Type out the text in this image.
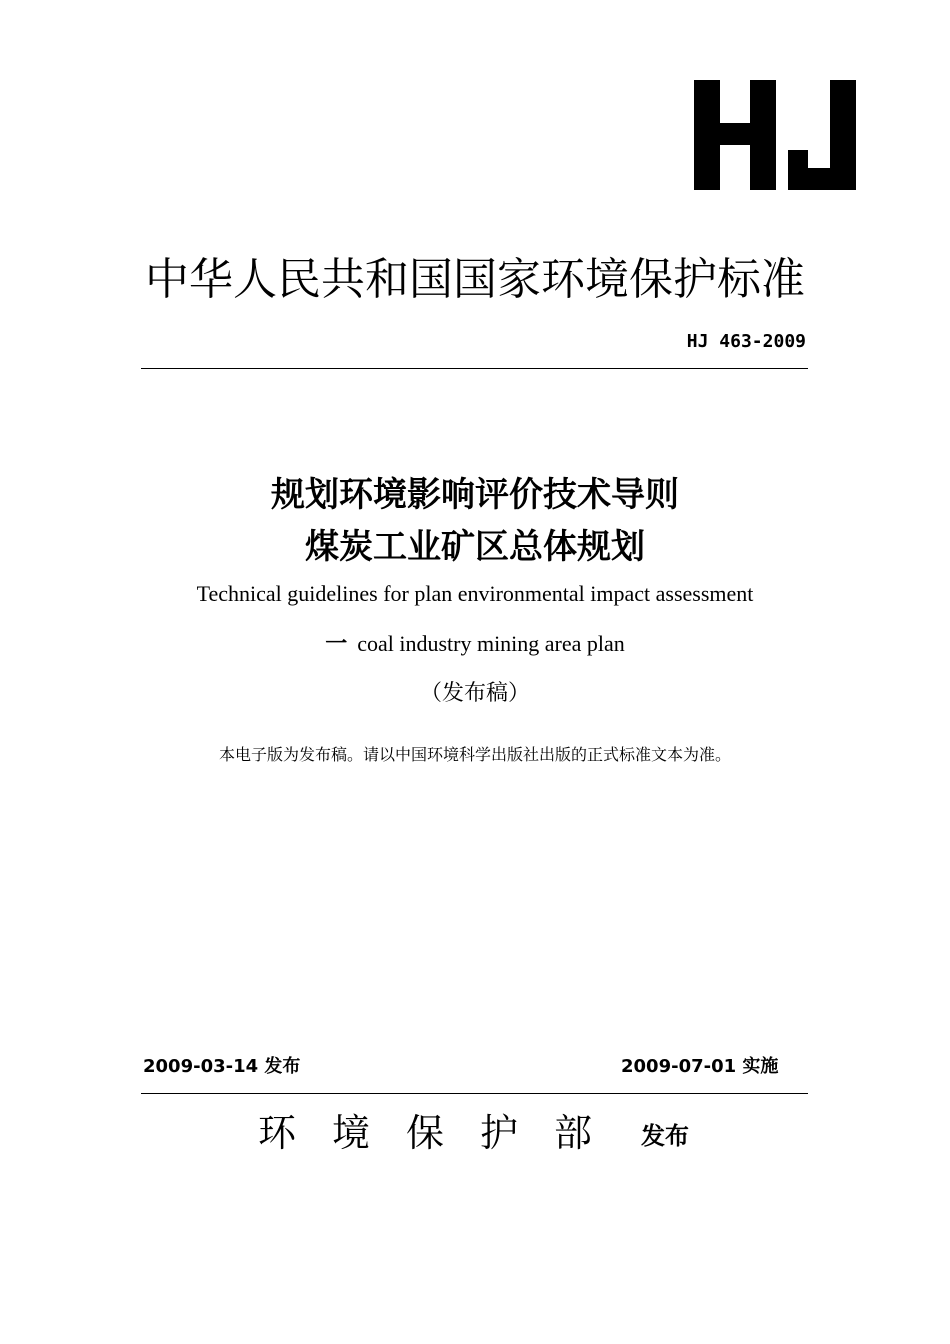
中华人民共和国国家环境保护标准
HJ 463-2009
规划环境影响评价技术导则
煤炭工业矿区总体规划
Technical guidelines for plan environmental impact assessment
一 coal industry mining area plan
（发布稿）
本电子版为发布稿。请以中国环境科学出版社出版的正式标准文本为准。
2009-03-14 发布	2009-07-01 实施
环境保护部 发布
